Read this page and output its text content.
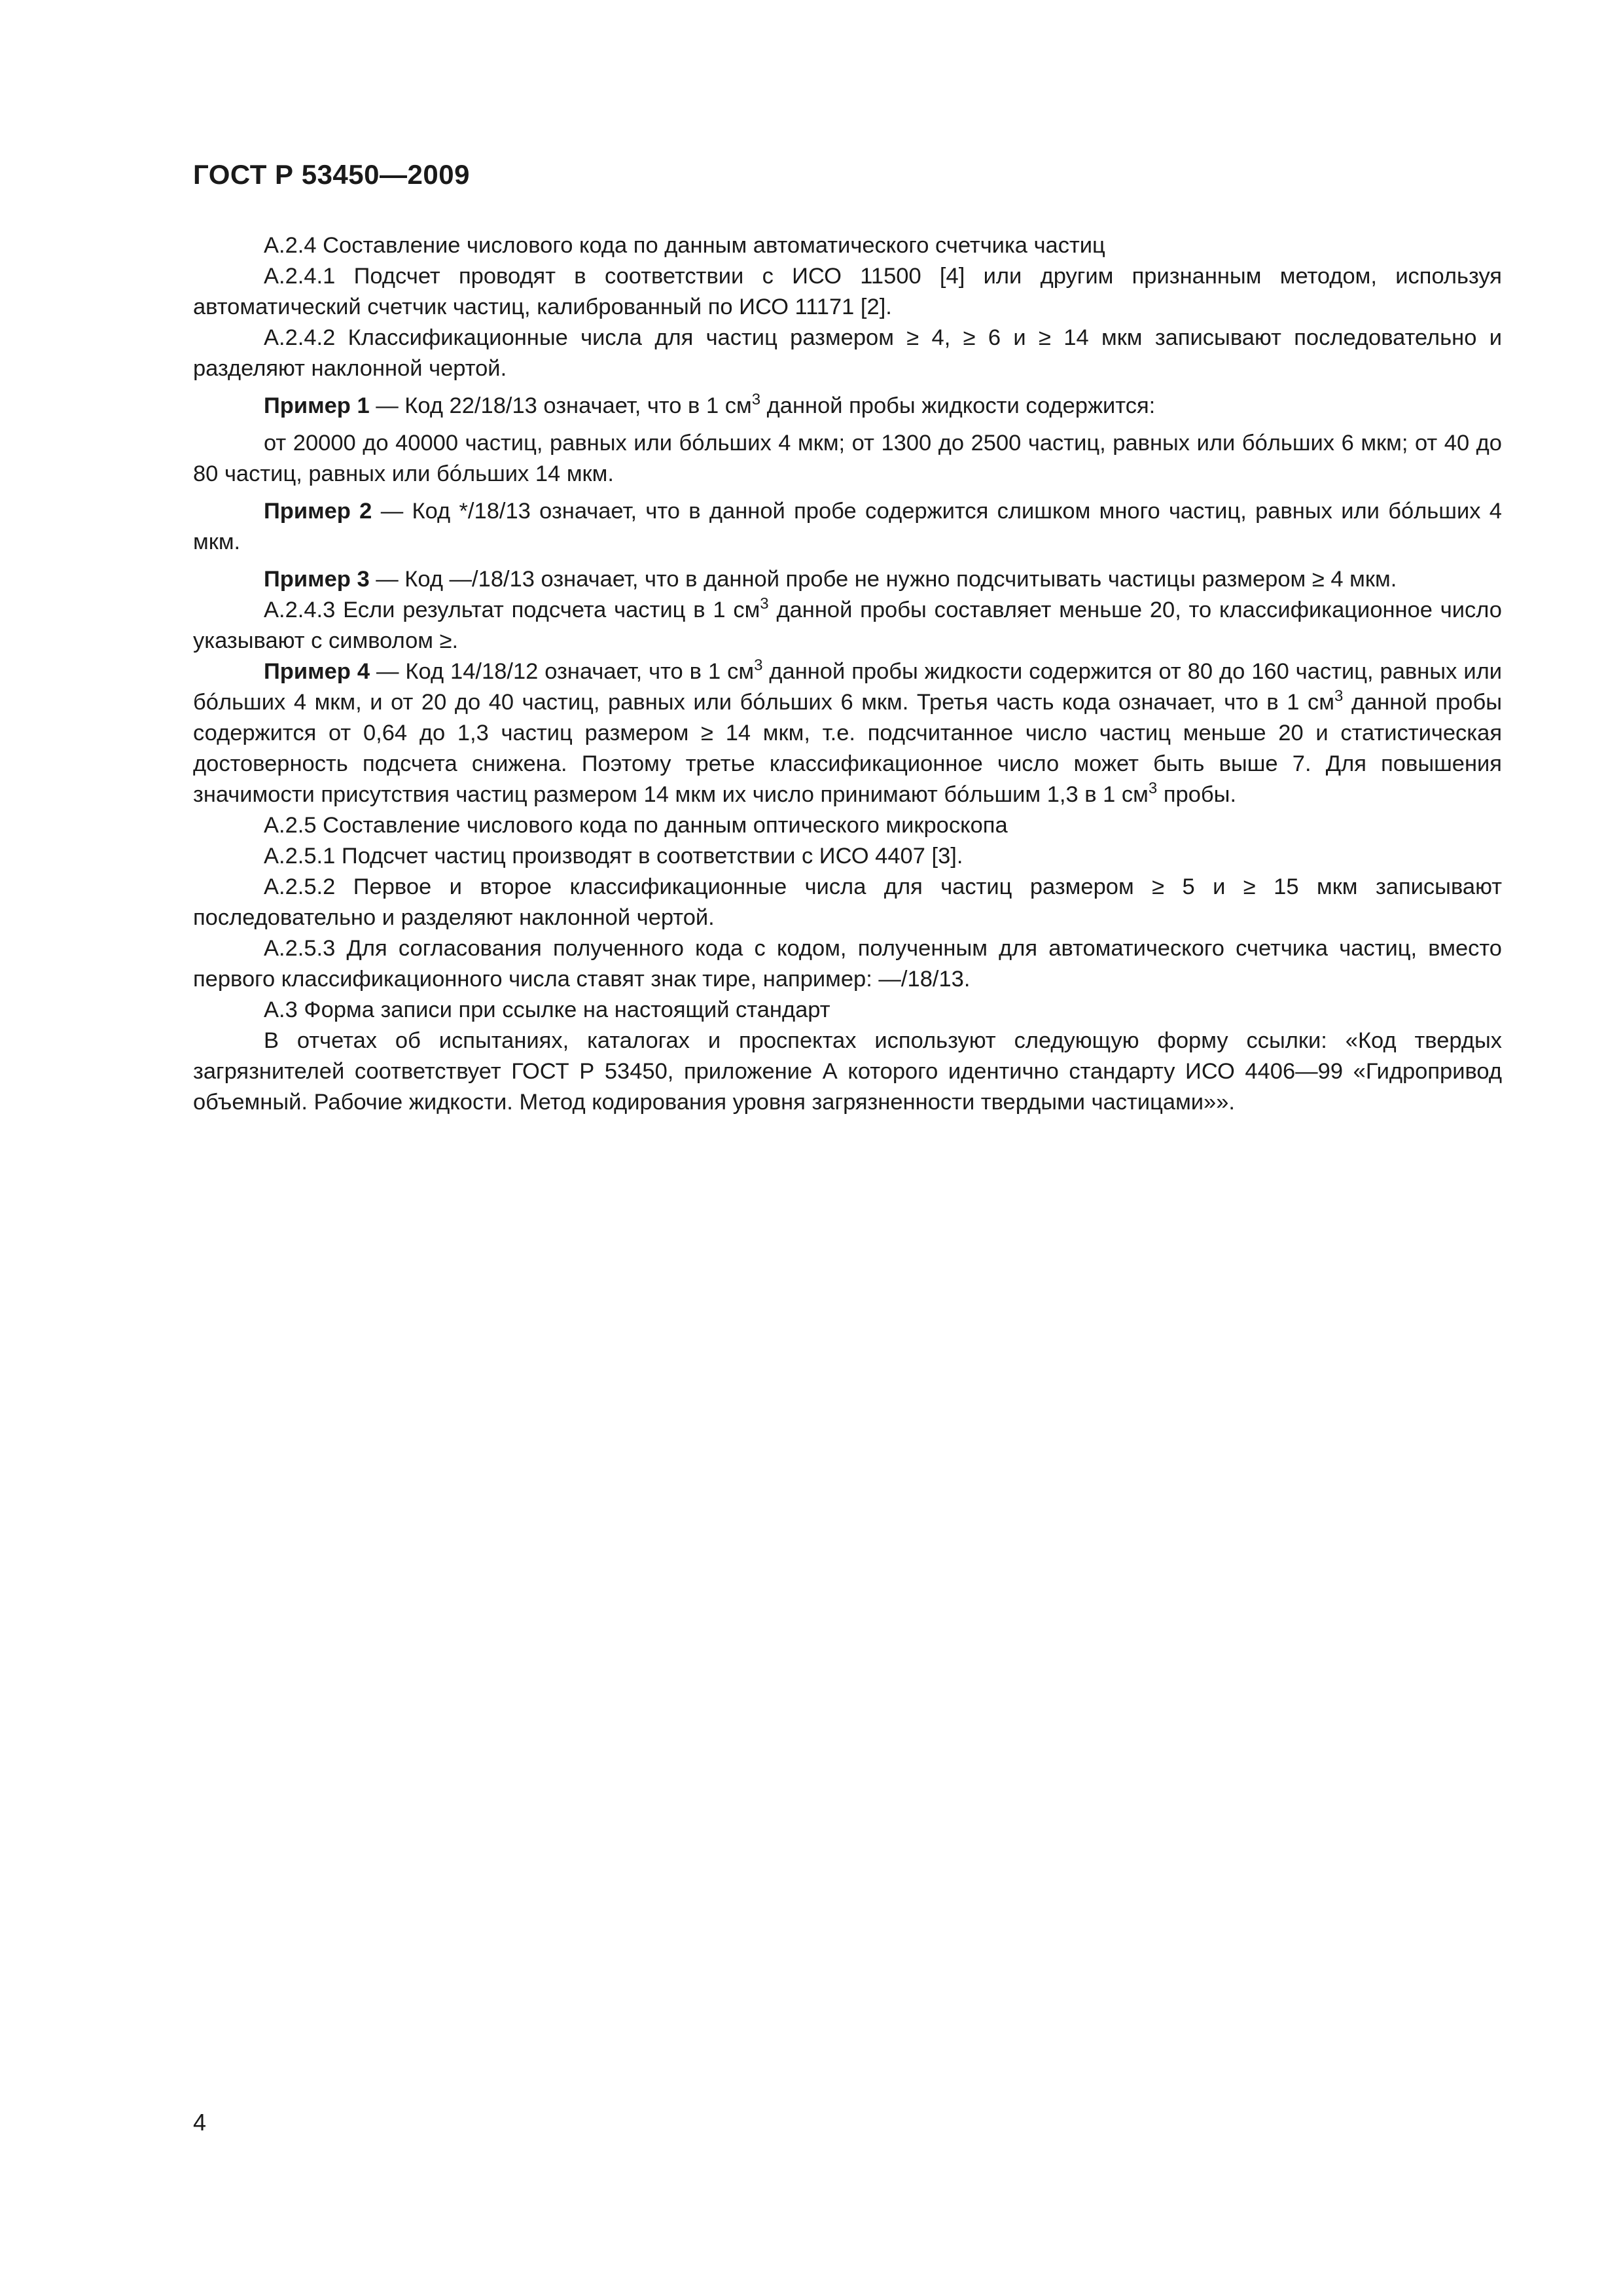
ГОСТ Р 53450—2009

А.2.4 Составление числового кода по данным автоматического счетчика частиц

А.2.4.1 Подсчет проводят в соответствии с ИСО 11500 [4] или другим признанным методом, используя автоматический счетчик частиц, калиброванный по ИСО 11171 [2].

А.2.4.2 Классификационные числа для частиц размером ≥ 4, ≥ 6 и ≥ 14 мкм записывают последовательно и разделяют наклонной чертой.

Пример 1 — Код 22/18/13 означает, что в 1 $см^3$ данной пробы жидкости содержится:

от 20000 до 40000 частиц, равных или бóльших 4 мкм; от 1300 до 2500 частиц, равных или бóльших 6 мкм; от 40 до 80 частиц, равных или бóльших 14 мкм.

Пример 2 — Код */18/13 означает, что в данной пробе содержится слишком много частиц, равных или бóльших 4 мкм.

Пример 3 — Код —/18/13 означает, что в данной пробе не нужно подсчитывать частицы размером ≥ 4 мкм.

А.2.4.3 Если результат подсчета частиц в 1 $см^3$ данной пробы составляет меньше 20, то классификационное число указывают с символом ≥.

Пример 4 — Код 14/18/12 означает, что в 1 $см^3$ данной пробы жидкости содержится от 80 до 160 частиц, равных или бóльших 4 мкм, и от 20 до 40 частиц, равных или бóльших 6 мкм. Третья часть кода означает, что в 1 $см^3$ данной пробы содержится от 0,64 до 1,3 частиц размером ≥ 14 мкм, т.е. подсчитанное число частиц меньше 20 и статистическая достоверность подсчета снижена. Поэтому третье классификационное число может быть выше 7. Для повышения значимости присутствия частиц размером 14 мкм их число принимают бóльшим 1,3 в 1 $см^3$ пробы.

А.2.5 Составление числового кода по данным оптического микроскопа

А.2.5.1 Подсчет частиц производят в соответствии с ИСО 4407 [3].

А.2.5.2 Первое и второе классификационные числа для частиц размером ≥ 5 и ≥ 15 мкм записывают последовательно и разделяют наклонной чертой.

А.2.5.3 Для согласования полученного кода с кодом, полученным для автоматического счетчика частиц, вместо первого классификационного числа ставят знак тире, например: —/18/13.

А.3 Форма записи при ссылке на настоящий стандарт

В отчетах об испытаниях, каталогах и проспектах используют следующую форму ссылки: «Код твердых загрязнителей соответствует ГОСТ Р 53450, приложение А которого идентично стандарту ИСО 4406—99 «Гидропривод объемный. Рабочие жидкости. Метод кодирования уровня загрязненности твердыми частицами»».

4
